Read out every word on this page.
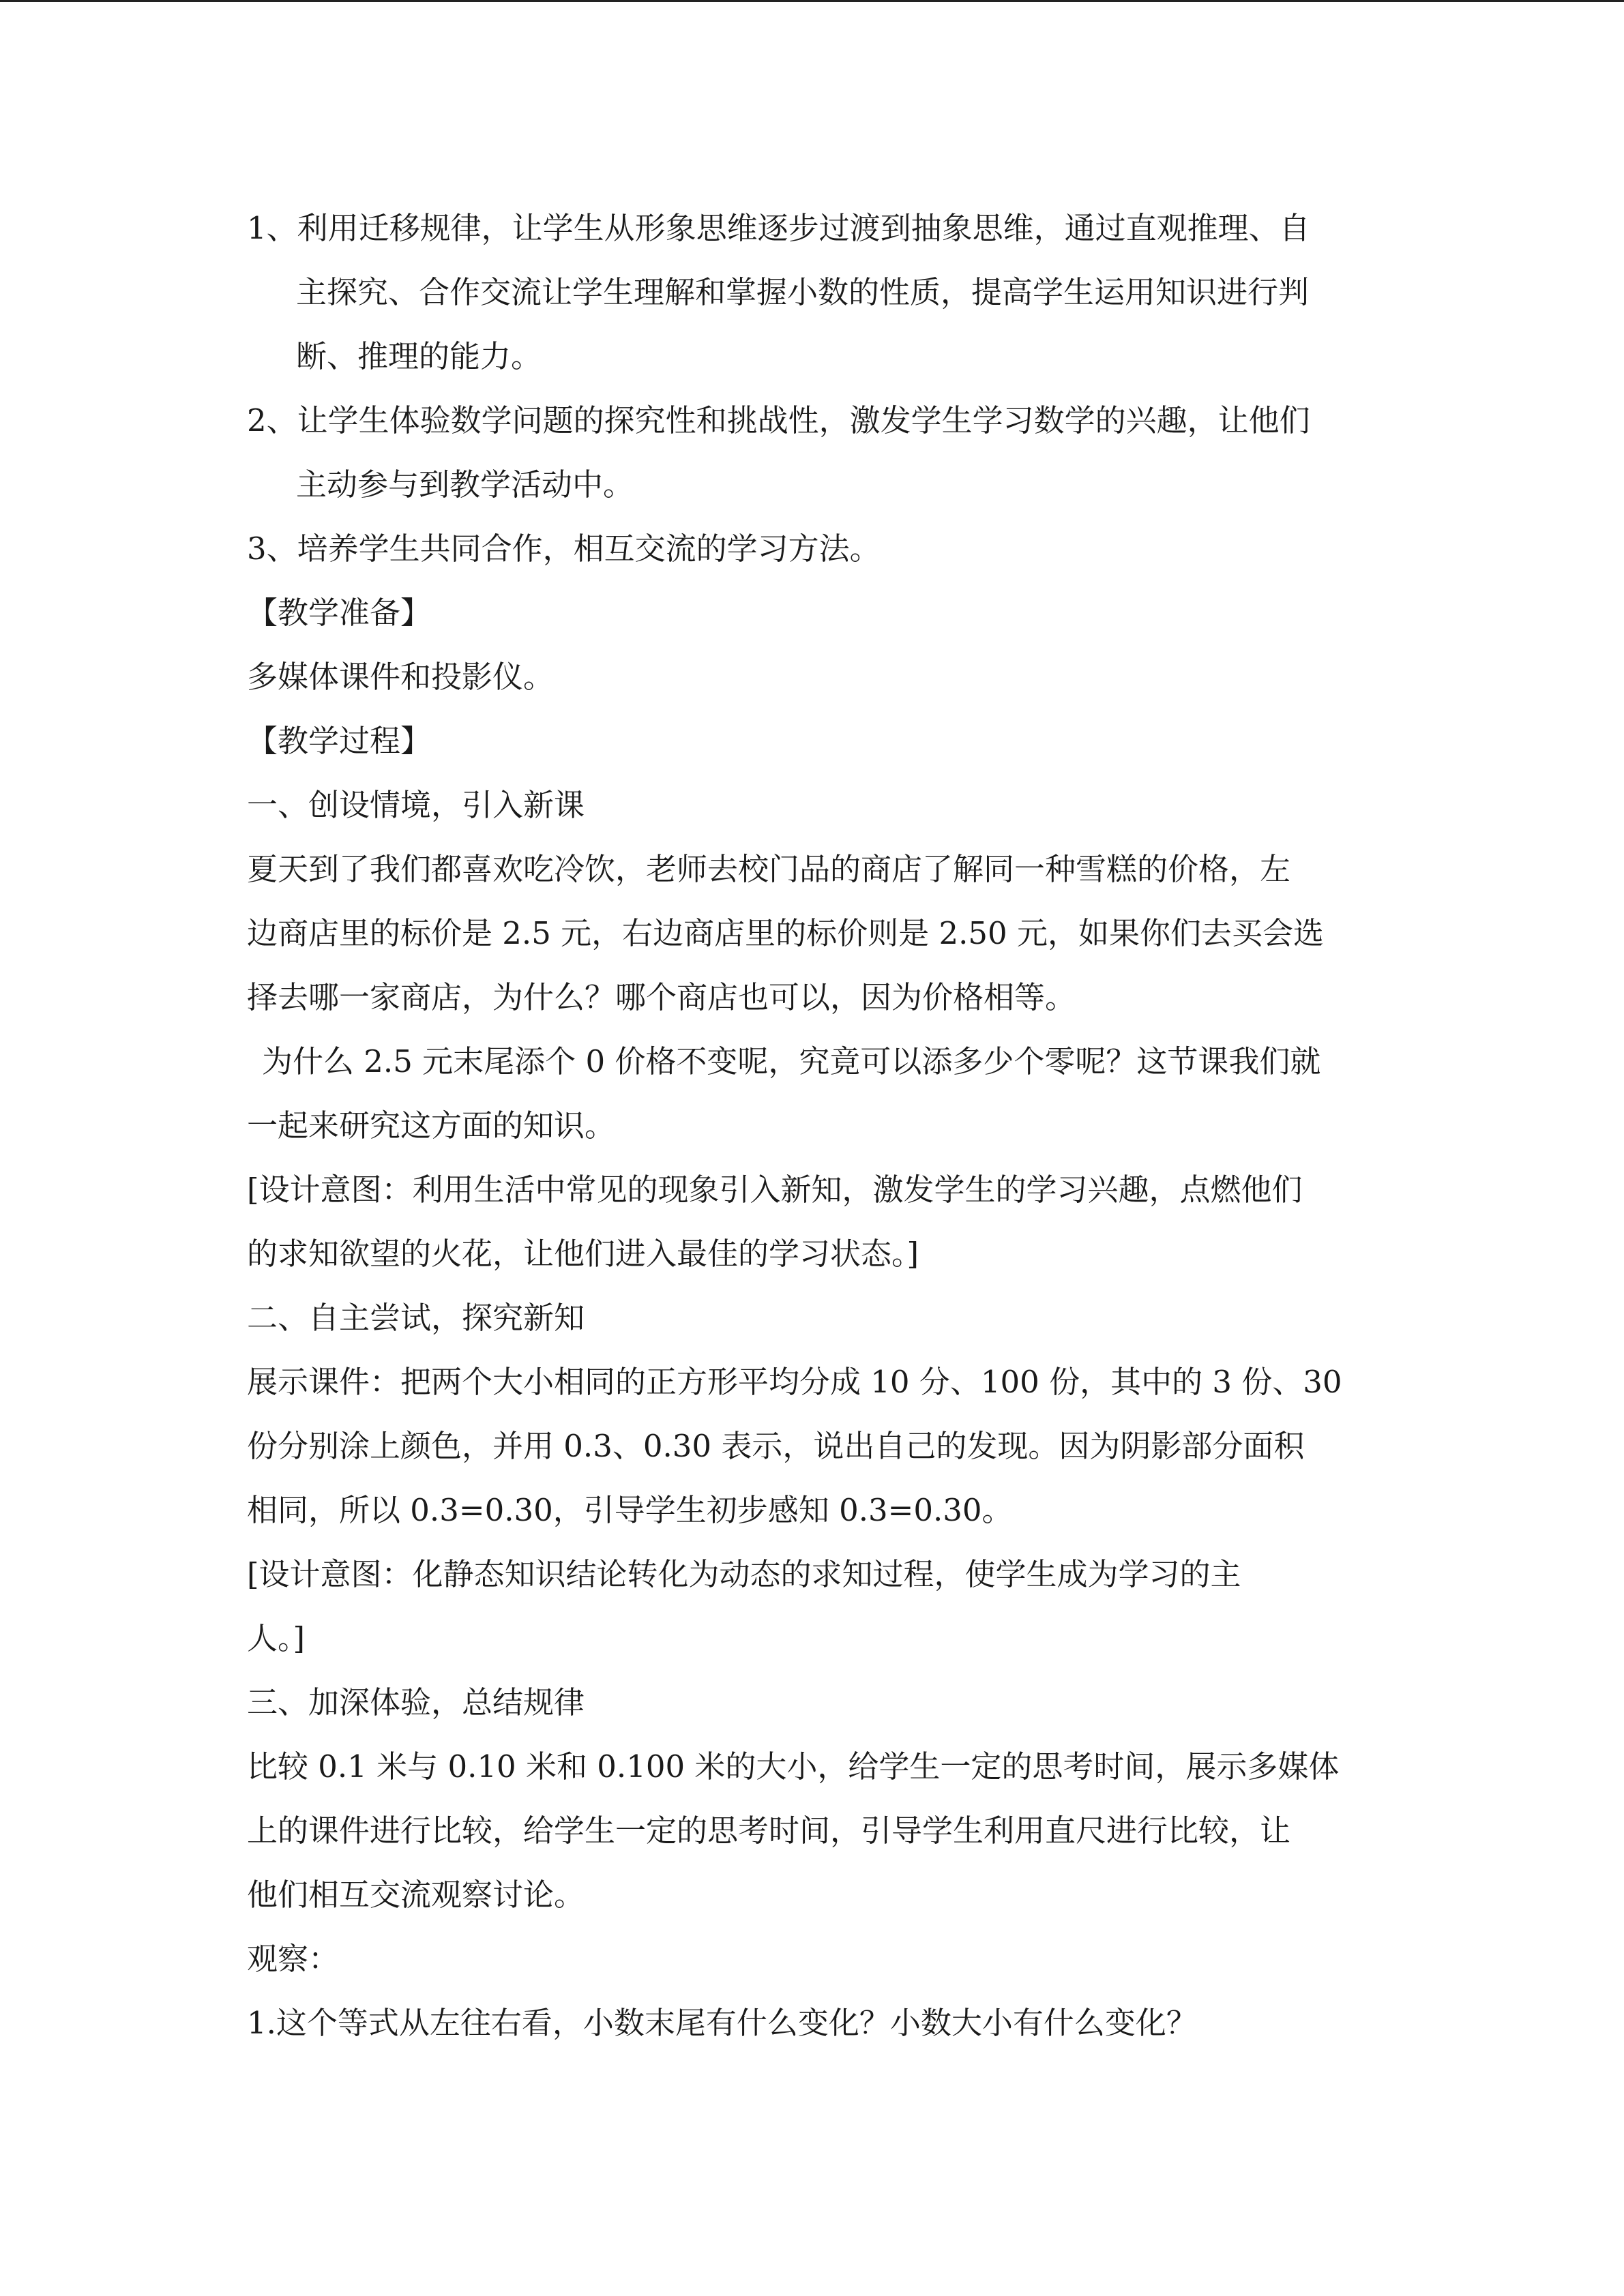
1、利用迁移规律，让学生从形象思维逐步过渡到抽象思维，通过直观推理、自

主探究、合作交流让学生理解和掌握小数的性质，提高学生运用知识进行判

断、推理的能力。

2、让学生体验数学问题的探究性和挑战性，激发学生学习数学的兴趣，让他们

主动参与到教学活动中。

3、培养学生共同合作，相互交流的学习方法。

【教学准备】

多媒体课件和投影仪。

【教学过程】

一、创设情境，引入新课

夏天到了我们都喜欢吃冷饮，老师去校门品的商店了解同一种雪糕的价格，左

边商店里的标价是 2.5 元，右边商店里的标价则是 2.50 元，如果你们去买会选

择去哪一家商店，为什么？哪个商店也可以，因为价格相等。

为什么 2.5 元末尾添个 0 价格不变呢，究竟可以添多少个零呢？这节课我们就

一起来研究这方面的知识。

[设计意图：利用生活中常见的现象引入新知，激发学生的学习兴趣，点燃他们

的求知欲望的火花，让他们进入最佳的学习状态。]

二、自主尝试，探究新知

展示课件：把两个大小相同的正方形平均分成 10 分、100 份，其中的 3 份、30

份分别涂上颜色，并用 0.3、0.30 表示，说出自己的发现。因为阴影部分面积

相同，所以 0.3=0.30，引导学生初步感知 0.3=0.30。

[设计意图：化静态知识结论转化为动态的求知过程，使学生成为学习的主

人。]

三、加深体验，总结规律

比较 0.1 米与 0.10 米和 0.100 米的大小，给学生一定的思考时间，展示多媒体

上的课件进行比较，给学生一定的思考时间，引导学生利用直尺进行比较，让

他们相互交流观察讨论。

观察：

1.这个等式从左往右看，小数末尾有什么变化？小数大小有什么变化？
